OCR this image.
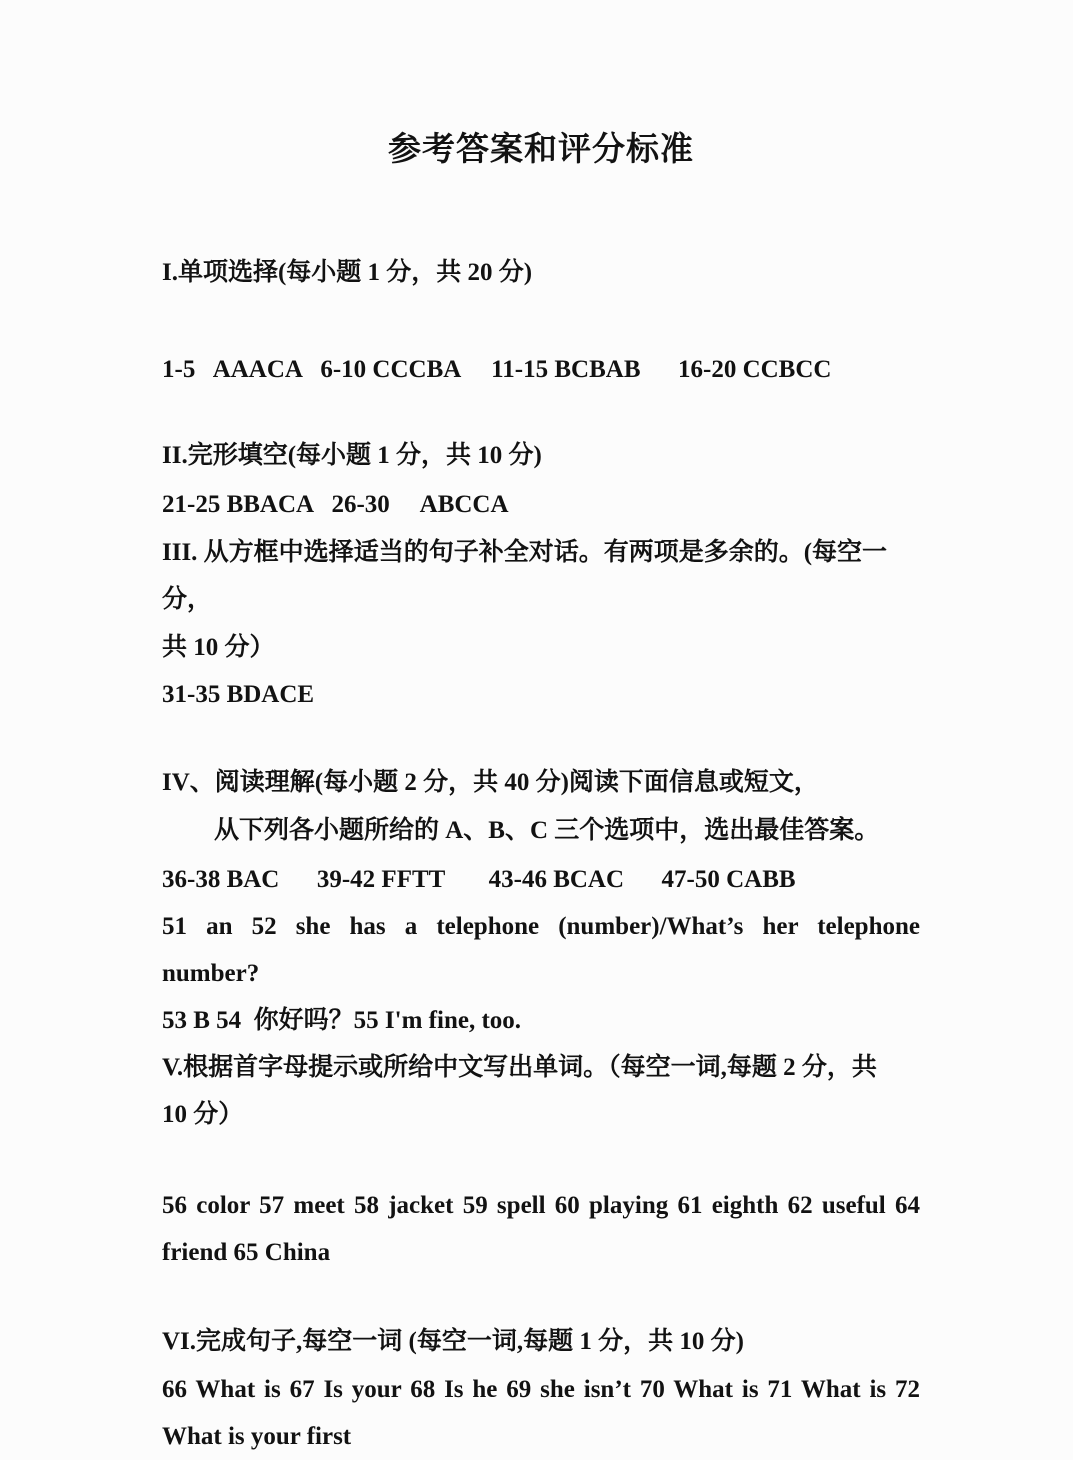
参考答案和评分标准
I.单项选择(每小题 1 分，共 20 分)
1-5   AAACA   6-10 CCCBA     11-15 BCBAB      16-20 CCBCC
II.完形填空(每小题 1 分，共 10 分)
21-25 BBACA   26-30     ABCCA
III. 从方框中选择适当的句子补全对话。有两项是多余的。(每空一分，
共 10 分）
31-35 BDACE
IV、阅读理解(每小题 2 分，共 40 分)阅读下面信息或短文，
从下列各小题所给的 A、B、C 三个选项中，选出最佳答案。
36-38 BAC      39-42 FFTT       43-46 BCAC      47-50 CABB
51 an 52 she has a telephone (number)/What’s her telephone
number?
53 B 54  你好吗？55 I'm fine, too.
V.根据首字母提示或所给中文写出单词。（每空一词,每题 2 分，共
10 分）
56 color 57 meet 58 jacket 59 spell 60 playing 61 eighth 62 useful 64
friend 65 China
VI.完成句子,每空一词 (每空一词,每题 1 分，共 10 分)
66 What is 67 Is your 68 Is he 69 she isn’t 70 What is 71 What is 72
What is your first
